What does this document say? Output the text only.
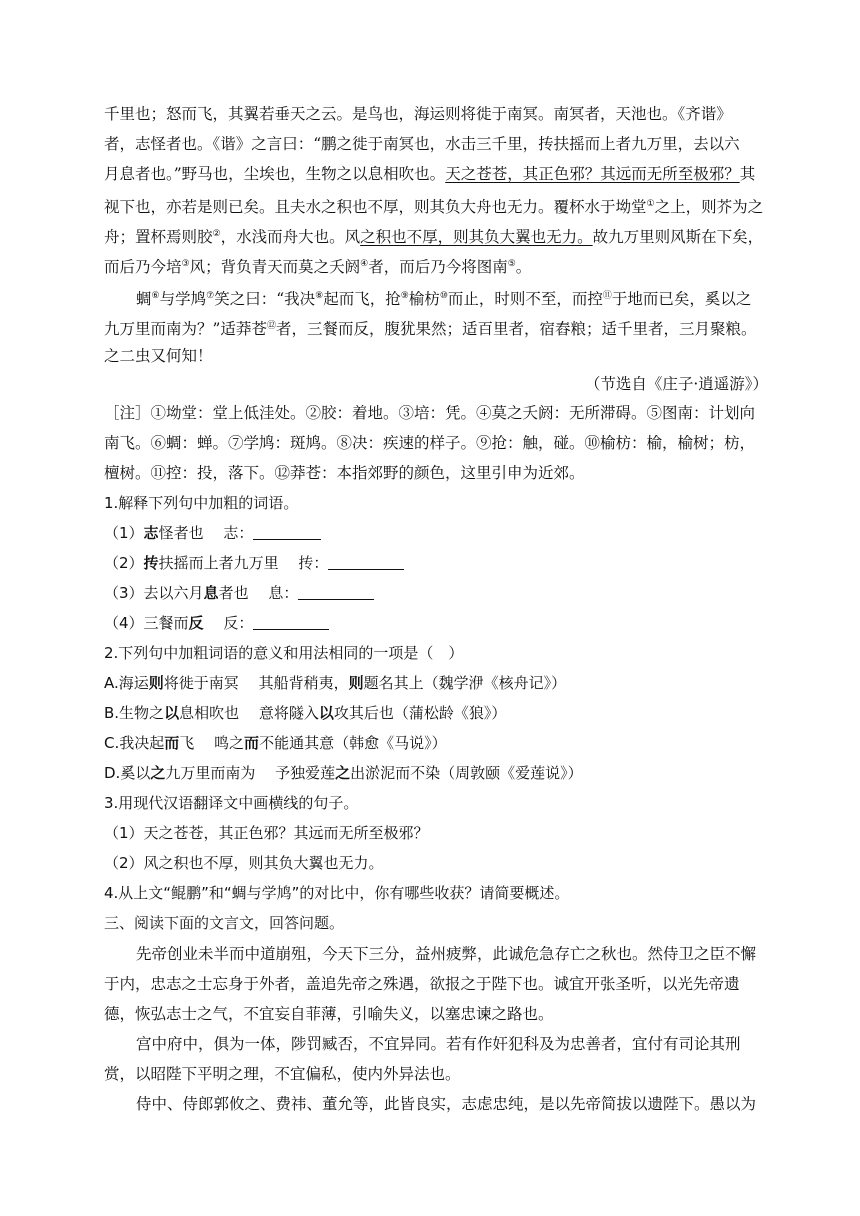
千里也；怒而飞，其翼若垂天之云。是鸟也，海运则将徙于南冥。南冥者，天池也。《齐谐》
者，志怪者也。《谐》之言曰：“鹏之徙于南冥也，水击三千里，抟扶摇而上者九万里，去以六
月息者也。”野马也，尘埃也，生物之以息相吹也。天之苍苍，其正色邪？其远而无所至极邪？其
视下也，亦若是则已矣。且夫水之积也不厚，则其负大舟也无力。覆杯水于坳堂①之上，则芥为之
舟；置杯焉则胶②，水浅而舟大也。风之积也不厚，则其负大翼也无力。故九万里则风斯在下矣，
而后乃今培③风；背负青天而莫之夭阏④者，而后乃今将图南⑤。
蜩⑥与学鸠⑦笑之曰：“我决⑧起而飞，抢⑨榆枋⑩而止，时则不至，而控⑪于地而已矣，奚以之
九万里而南为？”适莽苍⑫者，三餐而反，腹犹果然；适百里者，宿舂粮；适千里者，三月聚粮。
之二虫又何知！
（节选自《庄子·逍遥游》）
［注］①坳堂：堂上低洼处。②胶：着地。③培：凭。④莫之夭阏：无所滞碍。⑤图南：计划向
南飞。⑥蜩：蝉。⑦学鸠：斑鸠。⑧决：疾速的样子。⑨抢：触，碰。⑩榆枋：榆，榆树；枋，
檀树。⑪控：投，落下。⑫莽苍：本指郊野的颜色，这里引申为近郊。
1.解释下列句中加粗的词语。
（1）志怪者也　 志：
（2）抟扶摇而上者九万里　 抟：
（3）去以六月息者也　 息：
（4）三餐而反　 反：
2.下列句中加粗词语的意义和用法相同的一项是（　）
A.海运则将徙于南冥　 其船背稍夷，则题名其上（魏学洢《核舟记》）
B.生物之以息相吹也　 意将隧入以攻其后也（蒲松龄《狼》）
C.我决起而飞　 鸣之而不能通其意（韩愈《马说》）
D.奚以之九万里而南为　 予独爱莲之出淤泥而不染（周敦颐《爱莲说》）
3.用现代汉语翻译文中画横线的句子。
（1）天之苍苍，其正色邪？其远而无所至极邪？
（2）风之积也不厚，则其负大翼也无力。
4.从上文“鲲鹏”和“蜩与学鸠”的对比中，你有哪些收获？请简要概述。
三、阅读下面的文言文，回答问题。
先帝创业未半而中道崩殂，今天下三分，益州疲弊，此诚危急存亡之秋也。然侍卫之臣不懈
于内，忠志之士忘身于外者，盖追先帝之殊遇，欲报之于陛下也。诚宜开张圣听，以光先帝遗
德，恢弘志士之气，不宜妄自菲薄，引喻失义，以塞忠谏之路也。
宫中府中，俱为一体，陟罚臧否，不宜异同。若有作奸犯科及为忠善者，宜付有司论其刑
赏，以昭陛下平明之理，不宜偏私，使内外异法也。
侍中、侍郎郭攸之、费祎、董允等，此皆良实，志虑忠纯，是以先帝简拔以遗陛下。愚以为
